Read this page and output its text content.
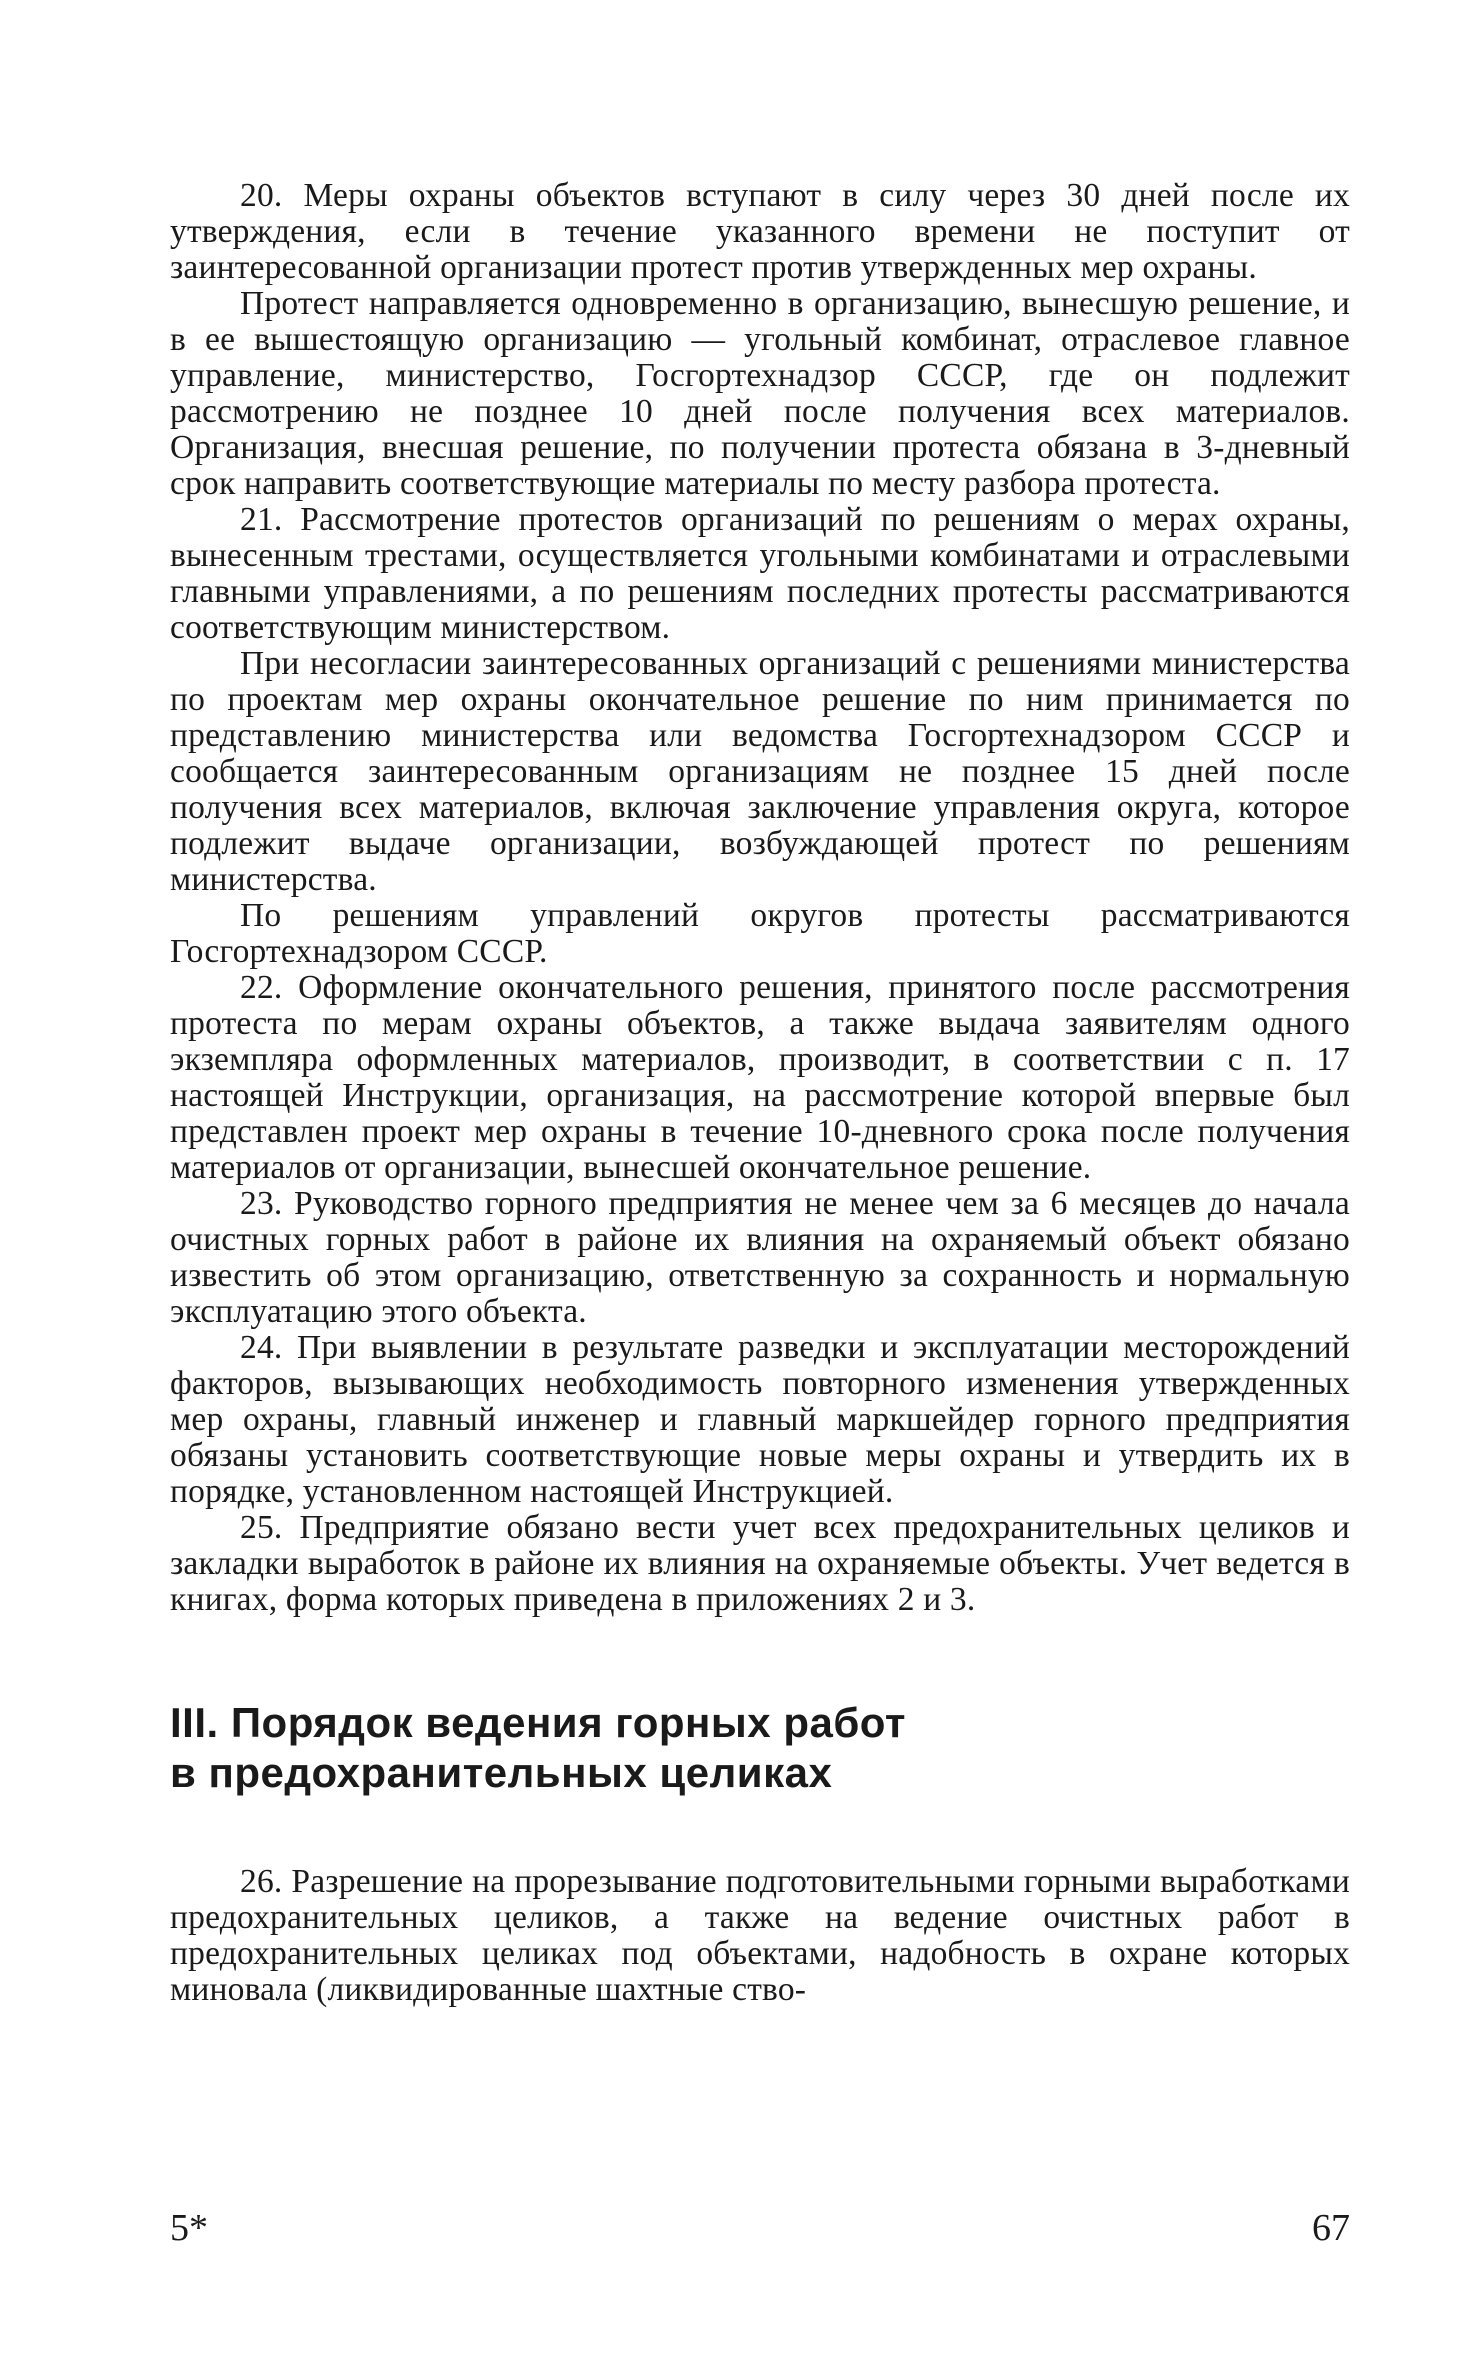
20. Меры охраны объектов вступают в силу через 30 дней после их утверждения, если в течение указанного времени не поступит от заинтересованной организации протест против утвержденных мер охраны.

Протест направляется одновременно в организацию, вынесшую решение, и в ее вышестоящую организацию — угольный комбинат, отраслевое главное управление, министерство, Госгортехнадзор СССР, где он подлежит рассмотрению не позднее 10 дней после получения всех материалов. Организация, внесшая решение, по получении протеста обязана в 3-дневный срок направить соответствующие материалы по месту разбора протеста.

21. Рассмотрение протестов организаций по решениям о мерах охраны, вынесенным трестами, осуществляется угольными комбинатами и отраслевыми главными управлениями, а по решениям последних протесты рассматриваются соответствующим министерством.

При несогласии заинтересованных организаций с решениями министерства по проектам мер охраны окончательное решение по ним принимается по представлению министерства или ведомства Госгортехнадзором СССР и сообщается заинтересованным организациям не позднее 15 дней после получения всех материалов, включая заключение управления округа, которое подлежит выдаче организации, возбуждающей протест по решениям министерства.

По решениям управлений округов протесты рассматриваются Госгортехнадзором СССР.

22. Оформление окончательного решения, принятого после рассмотрения протеста по мерам охраны объектов, а также выдача заявителям одного экземпляра оформленных материалов, производит, в соответствии с п. 17 настоящей Инструкции, организация, на рассмотрение которой впервые был представлен проект мер охраны в течение 10-дневного срока после получения материалов от организации, вынесшей окончательное решение.

23. Руководство горного предприятия не менее чем за 6 месяцев до начала очистных горных работ в районе их влияния на охраняемый объект обязано известить об этом организацию, ответственную за сохранность и нормальную эксплуатацию этого объекта.

24. При выявлении в результате разведки и эксплуатации месторождений факторов, вызывающих необходимость повторного изменения утвержденных мер охраны, главный инженер и главный маркшейдер горного предприятия обязаны установить соответствующие новые меры охраны и утвердить их в порядке, установленном настоящей Инструкцией.

25. Предприятие обязано вести учет всех предохранительных целиков и закладки выработок в районе их влияния на охраняемые объекты. Учет ведется в книгах, форма которых приведена в приложениях 2 и 3.

III. Порядок ведения горных работ
в предохранительных целиках

26. Разрешение на прорезывание подготовительными горными выработками предохранительных целиков, а также на ведение очистных работ в предохранительных целиках под объектами, надобность в охране которых миновала (ликвидированные шахтные ство-

5*	67
